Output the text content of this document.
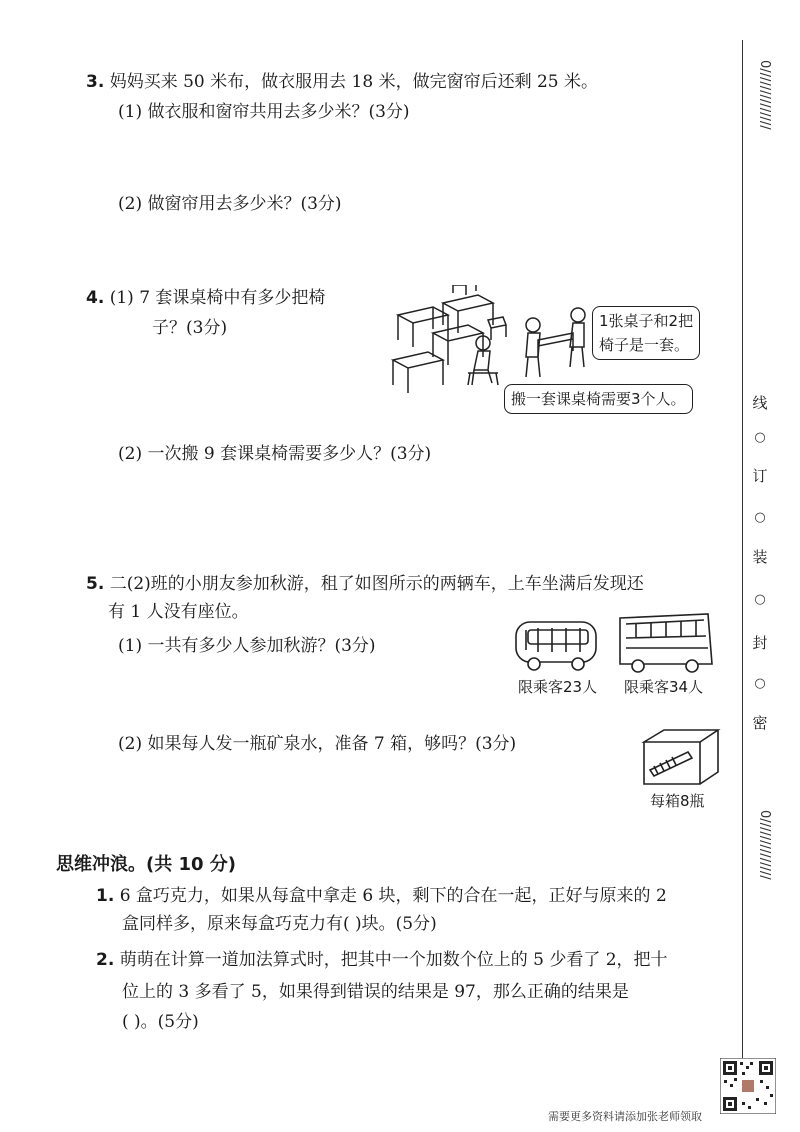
3. 妈妈买来 50 米布，做衣服用去 18 米，做完窗帘后还剩 25 米。
(1) 做衣服和窗帘共用去多少米？(3分)
(2) 做窗帘用去多少米？(3分)
4. (1) 7 套课桌椅中有多少把椅
子？(3分)	1张桌子和2把
椅子是一套。
搬一套课桌椅需要3个人。
(2) 一次搬 9 套课桌椅需要多少人？(3分)
5. 二(2)班的小朋友参加秋游，租了如图所示的两辆车，上车坐满后发现还
有 1 人没有座位。
(1) 一共有多少人参加秋游？(3分)
限乘客23人 限乘客34人
(2) 如果每人发一瓶矿泉水，准备 7 箱，够吗？(3分)
每箱8瓶
思维冲浪。(共 10 分)
1. 6 盒巧克力，如果从每盒中拿走 6 块，剩下的合在一起，正好与原来的 2
盒同样多，原来每盒巧克力有( )块。(5分)
2. 萌萌在计算一道加法算式时，把其中一个加数个位上的 5 少看了 2，把十
位上的 3 多看了 5，如果得到错误的结果是 97，那么正确的结果是
( )。(5分)
0//////////////
线
○
订
○
装
○
封
○
密
0//////////////
需要更多资料请添加张老师领取
